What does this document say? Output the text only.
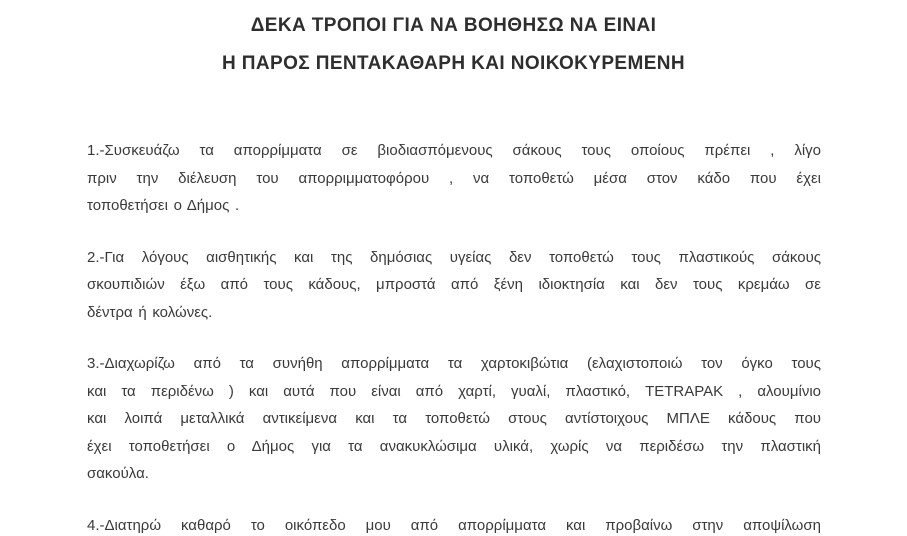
ΔΕΚΑ ΤΡΟΠΟΙ ΓΙΑ ΝΑ ΒΟΗΘΗΣΩ ΝΑ ΕΙΝΑΙ
Η ΠΑΡΟΣ ΠΕΝΤΑΚΑΘΑΡΗ ΚΑΙ ΝΟΙΚΟΚΥΡΕΜΕΝΗ
1.-Συσκευάζω τα απορρίμματα σε βιοδιασπόμενους σάκους τους οποίους πρέπει , λίγο
πριν την διέλευση του απορριμματοφόρου , να τοποθετώ μέσα στον κάδο που έχει
τοποθετήσει ο Δήμος .
2.-Για λόγους αισθητικής και της δημόσιας υγείας δεν τοποθετώ τους πλαστικούς σάκους
σκουπιδιών έξω από τους κάδους, μπροστά από ξένη ιδιοκτησία και δεν τους κρεμάω σε
δέντρα ή κολώνες.
3.-Διαχωρίζω από τα συνήθη απορρίμματα τα χαρτοκιβώτια (ελαχιστοποιώ τον όγκο τους
και τα περιδένω ) και αυτά που είναι από χαρτί, γυαλί, πλαστικό, TETRAPAK , αλουμίνιο
και λοιπά μεταλλικά αντικείμενα και τα τοποθετώ στους αντίστοιχους ΜΠΛΕ κάδους που
έχει τοποθετήσει ο Δήμος για τα ανακυκλώσιμα υλικά, χωρίς να περιδέσω την πλαστική
σακούλα.
4.-Διατηρώ καθαρό το οικόπεδο μου από απορρίμματα και προβαίνω στην αποψίλωση
